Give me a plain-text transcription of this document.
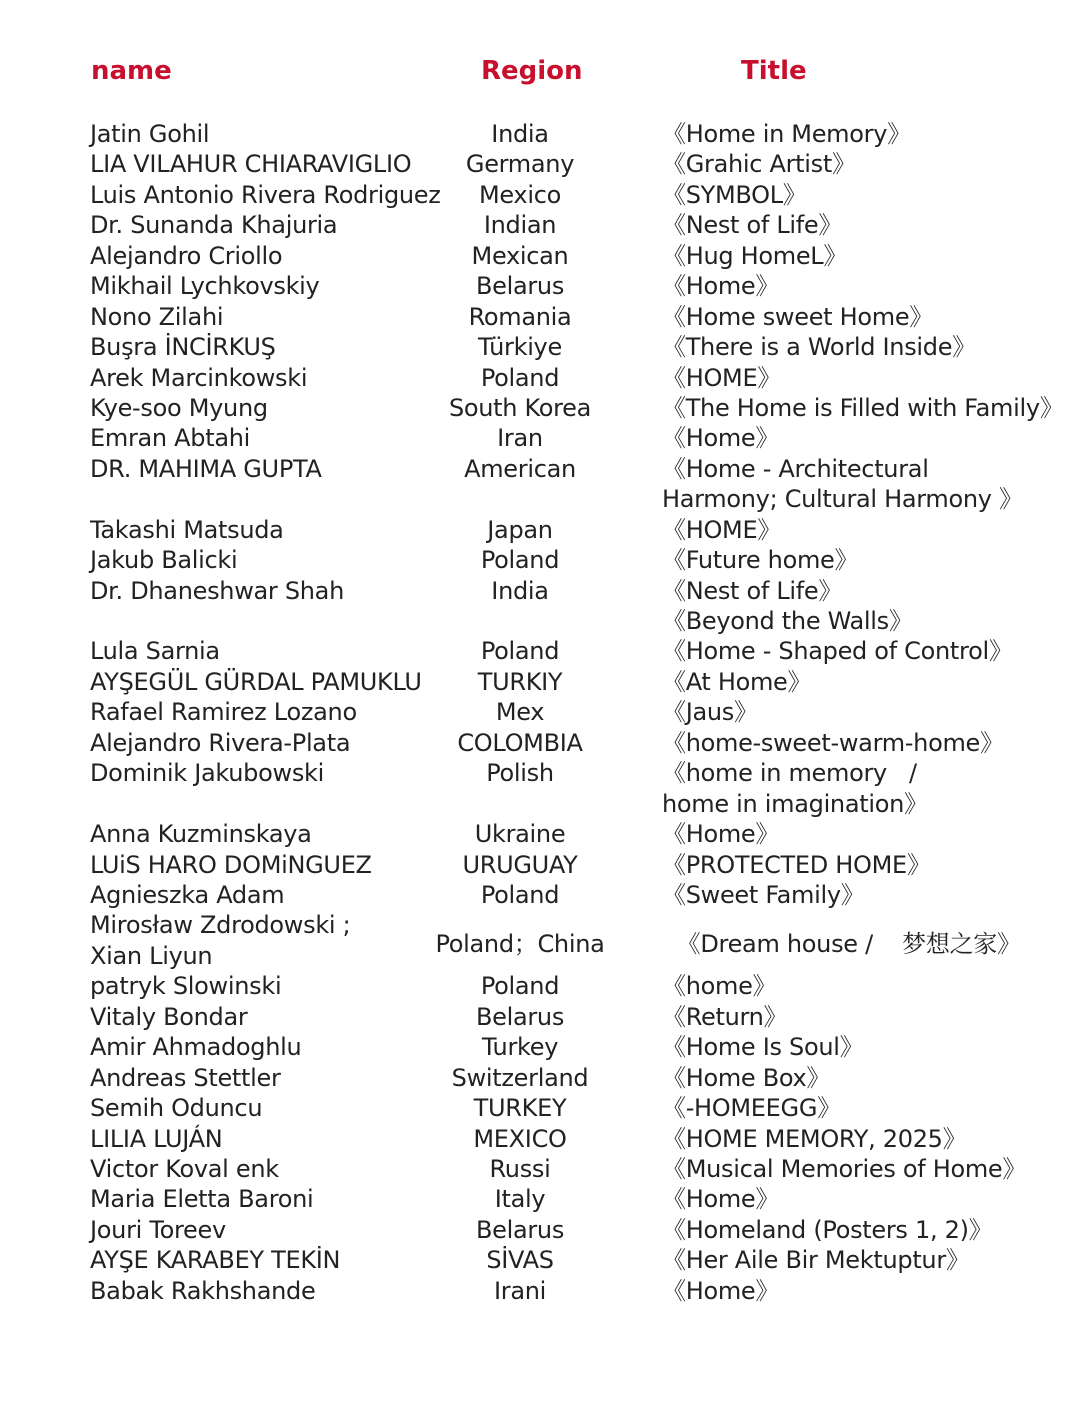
name	Region	Title
Jatin Gohil	India	《Home in Memory》
LIA VILAHUR CHIARAVIGLIO	Germany	《Grahic Artist》
Luis Antonio Rivera Rodriguez	Mexico	《SYMBOL》
Dr. Sunanda Khajuria	Indian	《Nest of Life》
Alejandro Criollo	Mexican	《Hug HomeL》
Mikhail Lychkovskiy	Belarus	《Home》
Nono Zilahi	Romania	《Home sweet Home》
Buşra İNCİRKUŞ	Türkiye	《There is a World Inside》
Arek Marcinkowski	Poland	《HOME》
Kye-soo Myung	South Korea	《The Home is Filled with Family》
Emran Abtahi	Iran	《Home》
DR. MAHIMA GUPTA	American	《Home - Architectural
Harmony; Cultural Harmony 》
Takashi Matsuda	Japan	《HOME》
Jakub Balicki	Poland	《Future home》
Dr. Dhaneshwar Shah	India	《Nest of Life》
《Beyond the Walls》
Lula Sarnia	Poland	《Home - Shaped of Control》
AYŞEGÜL GÜRDAL PAMUKLU	TURKIY	《At Home》
Rafael Ramirez Lozano	Mex	《Jaus》
Alejandro Rivera-Plata	COLOMBIA	《home-sweet-warm-home》
Dominik Jakubowski	Polish	《home in memory   /
home in imagination》
Anna Kuzminskaya	Ukraine	《Home》
LUiS HARO DOMiNGUEZ	URUGUAY	《PROTECTED HOME》
Agnieszka Adam	Poland	《Sweet Family》
Mirosław Zdrodowski ;
Xian Liyun	Poland；China	《Dream house /    梦想之家》
patryk Slowinski	Poland	《home》
Vitaly Bondar	Belarus	《Return》
Amir Ahmadoghlu	Turkey	《Home Is Soul》
Andreas Stettler	Switzerland	《Home Box》
Semih Oduncu	TURKEY	《-HOMEEGG》
LILIA LUJÁN	MEXICO	《HOME MEMORY, 2025》
Victor Koval enk	Russi	《Musical Memories of Home》
Maria Eletta Baroni	Italy	《Home》
Jouri Toreev	Belarus	《Homeland (Posters 1, 2)》
AYŞE KARABEY TEKİN	SİVAS	《Her Aile Bir Mektuptur》
Babak Rakhshande	Irani	《Home》
